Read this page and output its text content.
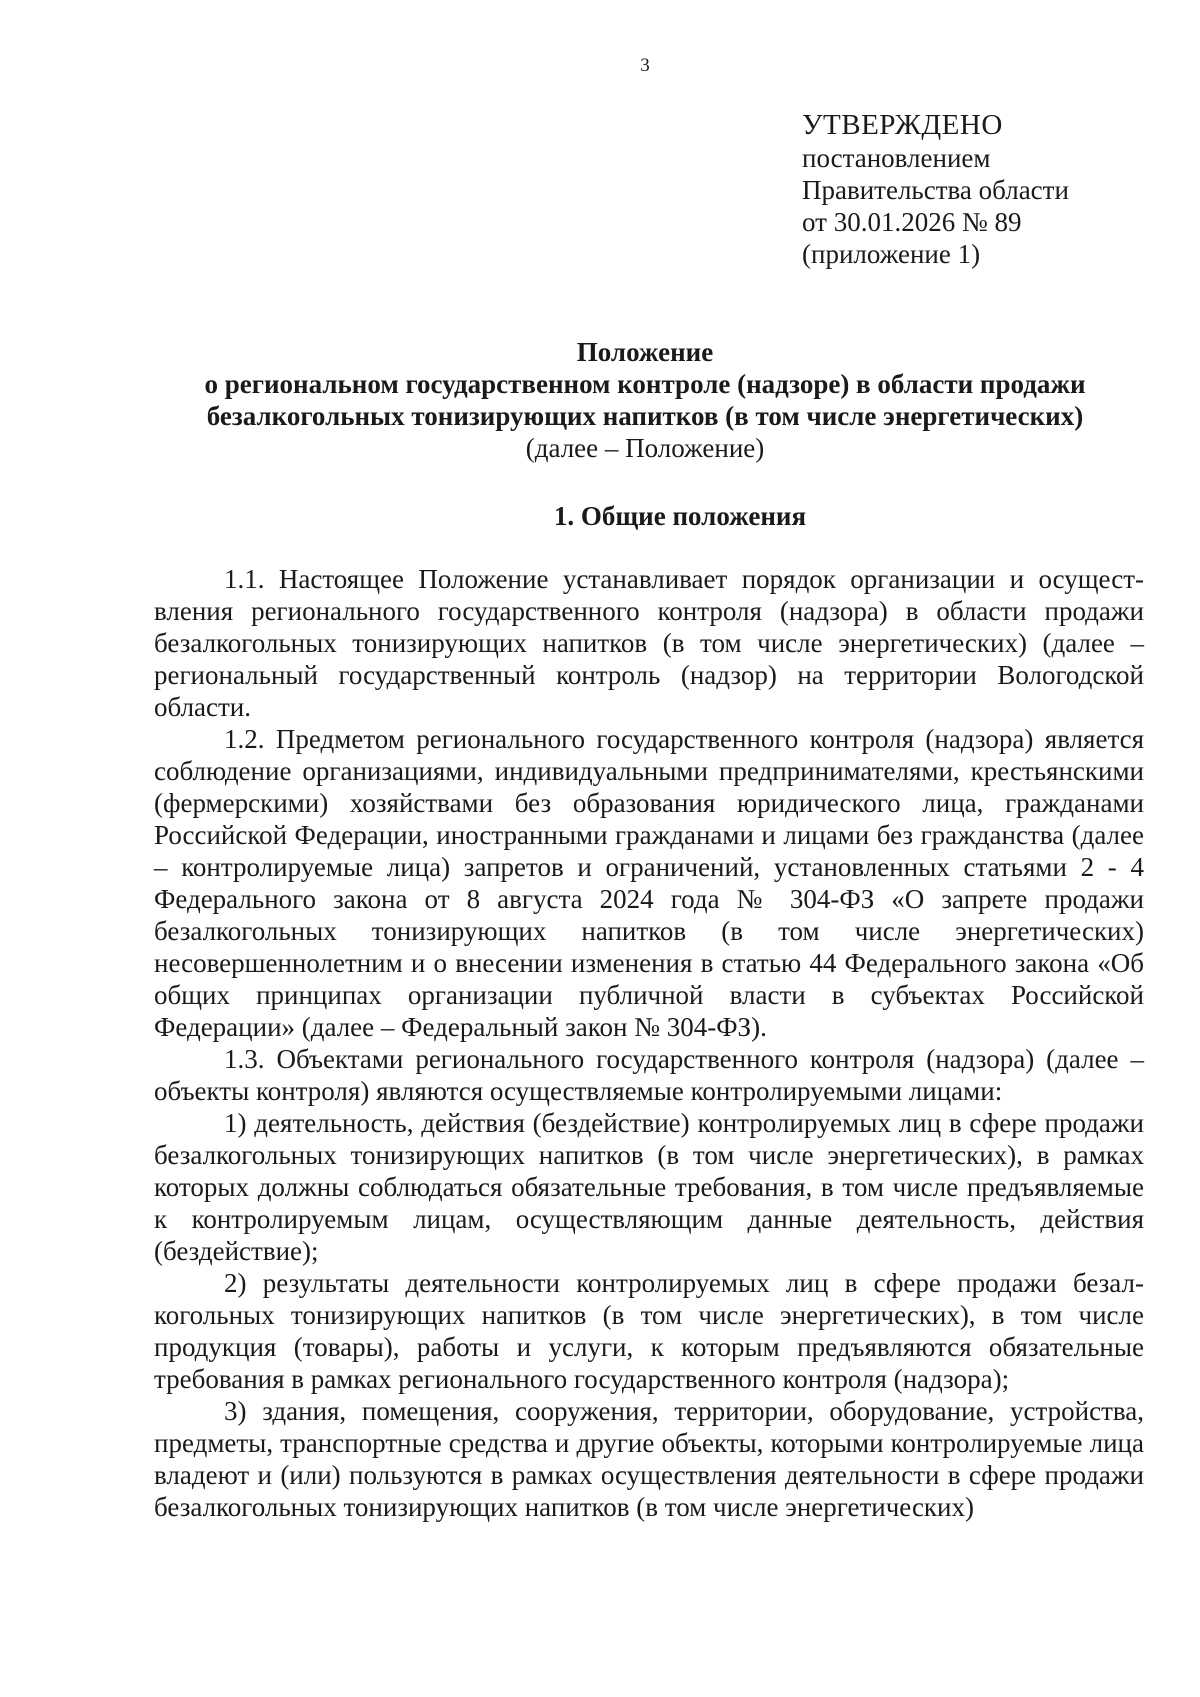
3
УТВЕРЖДЕНО
постановлением
Правительства области
от 30.01.2026 № 89
(приложение 1)
Положение
о региональном государственном контроле (надзоре) в области продажи
безалкогольных тонизирующих напитков (в том числе энергетических)
(далее – Положение)
1. Общие положения

1.1. Настоящее Положение устанавливает порядок организации и осуществления регионального государственного контроля (надзора) в области продажи безалкогольных тонизирующих напитков (в том числе энергетических) (далее – региональный государственный контроль (надзор) на территории Вологодской области.

1.2. Предметом регионального государственного контроля (надзора) является соблюдение организациями, индивидуальными предпринимателями, крестьянскими (фермерскими) хозяйствами без образования юридического лица, гражданами Российской Федерации, иностранными гражданами и лицами без гражданства (далее – контролируемые лица) запретов и ограничений, установленных статьями 2 - 4 Федерального закона от 8 августа 2024 года № 304-ФЗ «О запрете продажи безалкогольных тонизирующих напитков (в том числе энергетических) несовершеннолетним и о внесении изменения в статью 44 Федерального закона «Об общих принципах организации публичной власти в субъектах Российской Федерации» (далее – Федеральный закон № 304-ФЗ).

1.3. Объектами регионального государственного контроля (надзора) (далее – объекты контроля) являются осуществляемые контролируемыми лицами:

1) деятельность, действия (бездействие) контролируемых лиц в сфере продажи безалкогольных тонизирующих напитков (в том числе энергетических), в рамках которых должны соблюдаться обязательные требования, в том числе предъявляемые к контролируемым лицам, осуществляющим данные деятельность, действия (бездействие);

2) результаты деятельности контролируемых лиц в сфере продажи безалкогольных тонизирующих напитков (в том числе энергетических), в том числе продукция (товары), работы и услуги, к которым предъявляются обязательные требования в рамках регионального государственного контроля (надзора);

3) здания, помещения, сооружения, территории, оборудование, устройства, предметы, транспортные средства и другие объекты, которыми контролируемые лица владеют и (или) пользуются в рамках осуществления деятельности в сфере продажи безалкогольных тонизирующих напитков (в том числе энергетических)
